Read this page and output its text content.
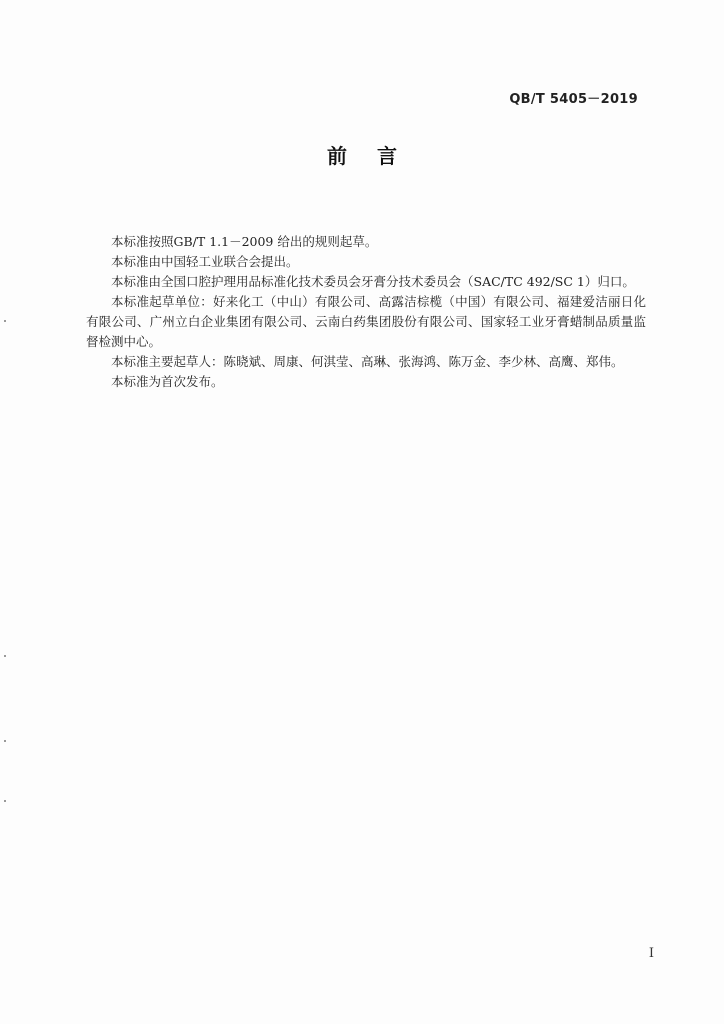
QB/T 5405－2019
前 言

本标准按照GB/T 1.1－2009 给出的规则起草。

本标准由中国轻工业联合会提出。

本标准由全国口腔护理用品标准化技术委员会牙膏分技术委员会（SAC/TC 492/SC 1）归口。

本标准起草单位：好来化工（中山）有限公司、高露洁棕榄（中国）有限公司、福建爱洁丽日化有限公司、广州立白企业集团有限公司、云南白药集团股份有限公司、国家轻工业牙膏蜡制品质量监督检测中心。

本标准主要起草人：陈晓斌、周康、何淇莹、高琳、张海鸿、陈万金、李少林、高鹰、郑伟。

本标准为首次发布。

I
